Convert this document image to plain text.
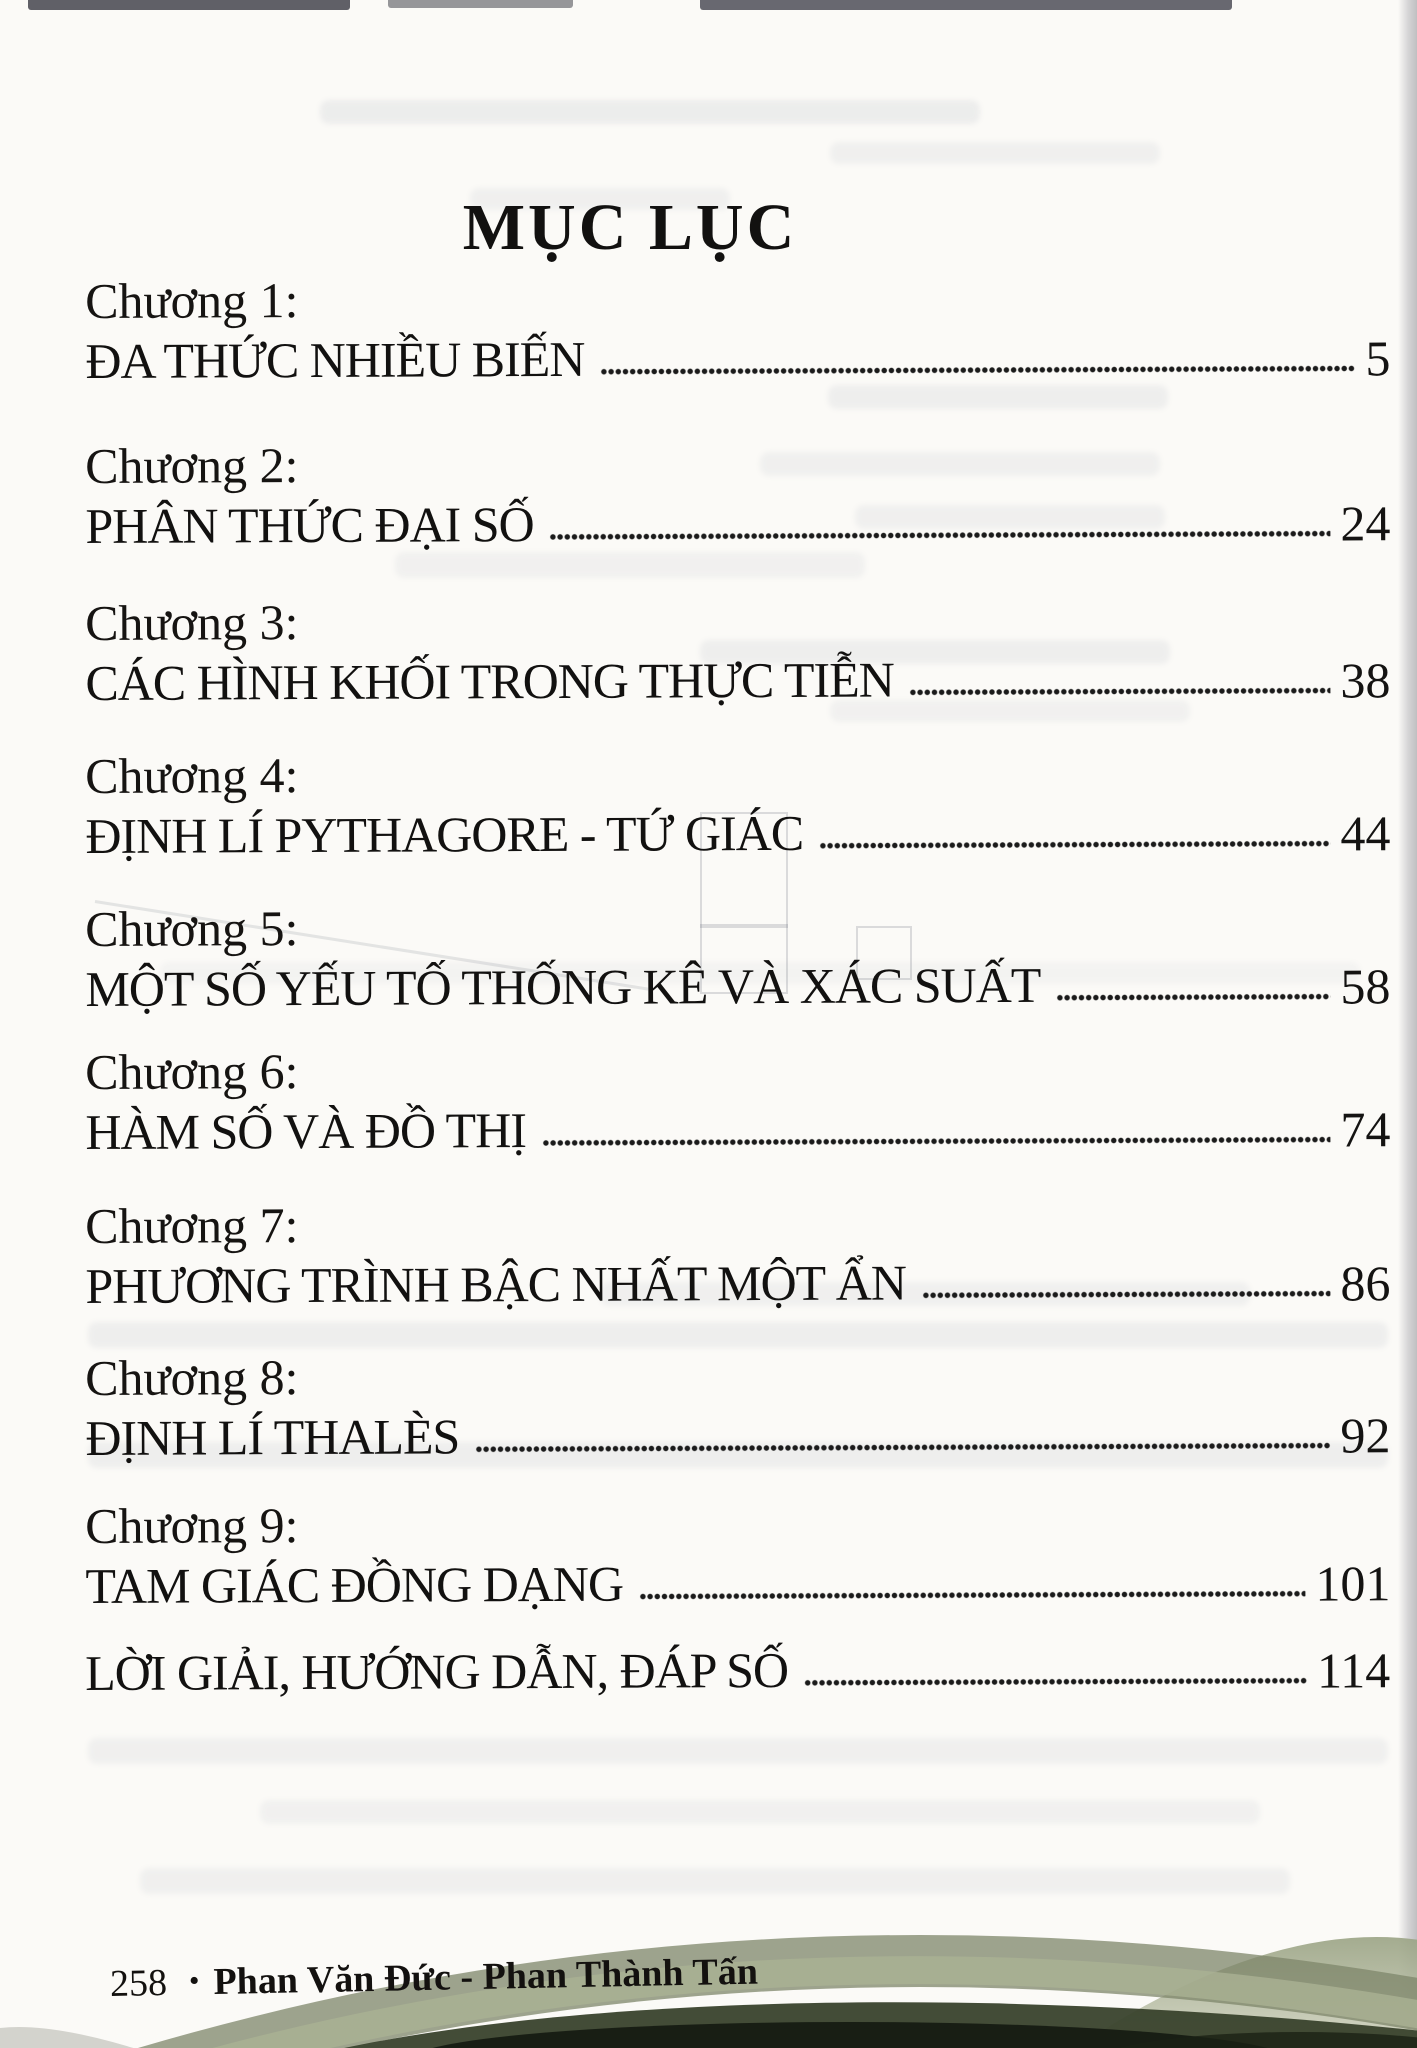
MỤC LỤC
Chương 1:
ĐA THỨC NHIỀU BIẾN	5
Chương 2:
PHÂN THỨC ĐẠI SỐ	24
Chương 3:
CÁC HÌNH KHỐI TRONG THỰC TIỄN	38
Chương 4:
ĐỊNH LÍ PYTHAGORE - TỨ GIÁC	44
Chương 5:
MỘT SỐ YẾU TỐ THỐNG KÊ VÀ XÁC SUẤT	58
Chương 6:
HÀM SỐ VÀ ĐỒ THỊ	74
Chương 7:
PHƯƠNG TRÌNH BẬC NHẤT MỘT ẨN	86
Chương 8:
ĐỊNH LÍ THALÈS	92
Chương 9:
TAM GIÁC ĐỒNG DẠNG	101
LỜI GIẢI, HƯỚNG DẪN, ĐÁP SỐ	114
258 • Phan Văn Đức - Phan Thành Tấn
